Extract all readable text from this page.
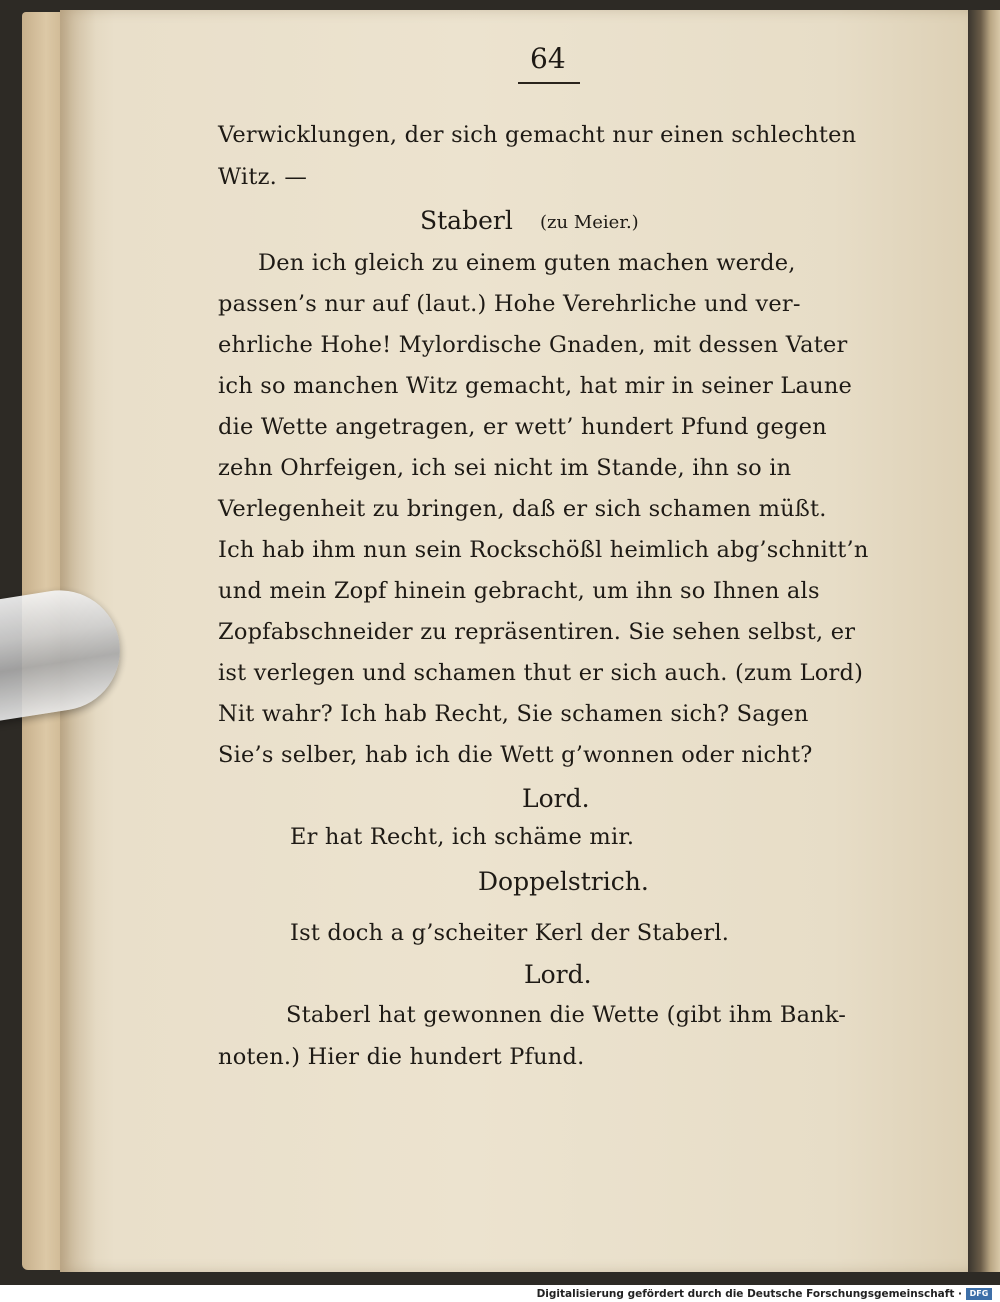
64
Verwicklungen, der sich gemacht nur einen schlechten
Witz. —
Staberl (zu Meier.)
Den ich gleich zu einem guten machen werde,
passen’s nur auf (laut.) Hohe Verehrliche und ver-
ehrliche Hohe! Mylordische Gnaden, mit dessen Vater
ich so manchen Witz gemacht, hat mir in seiner Laune
die Wette angetragen, er wett’ hundert Pfund gegen
zehn Ohrfeigen, ich sei nicht im Stande, ihn so in
Verlegenheit zu bringen, daß er sich schamen müßt.
Ich hab ihm nun sein Rockschößl heimlich abg’schnitt’n
und mein Zopf hinein gebracht, um ihn so Ihnen als
Zopfabschneider zu repräsentiren. Sie sehen selbst, er
ist verlegen und schamen thut er sich auch. (zum Lord)
Nit wahr? Ich hab Recht, Sie schamen sich? Sagen
Sie’s selber, hab ich die Wett g’wonnen oder nicht?
Lord.
Er hat Recht, ich schäme mir.
Doppelstrich.
Ist doch a g’scheiter Kerl der Staberl.
Lord.
Staberl hat gewonnen die Wette (gibt ihm Bank-
noten.) Hier die hundert Pfund.
Digitalisierung gefördert durch die Deutsche Forschungsgemeinschaft · DFG
